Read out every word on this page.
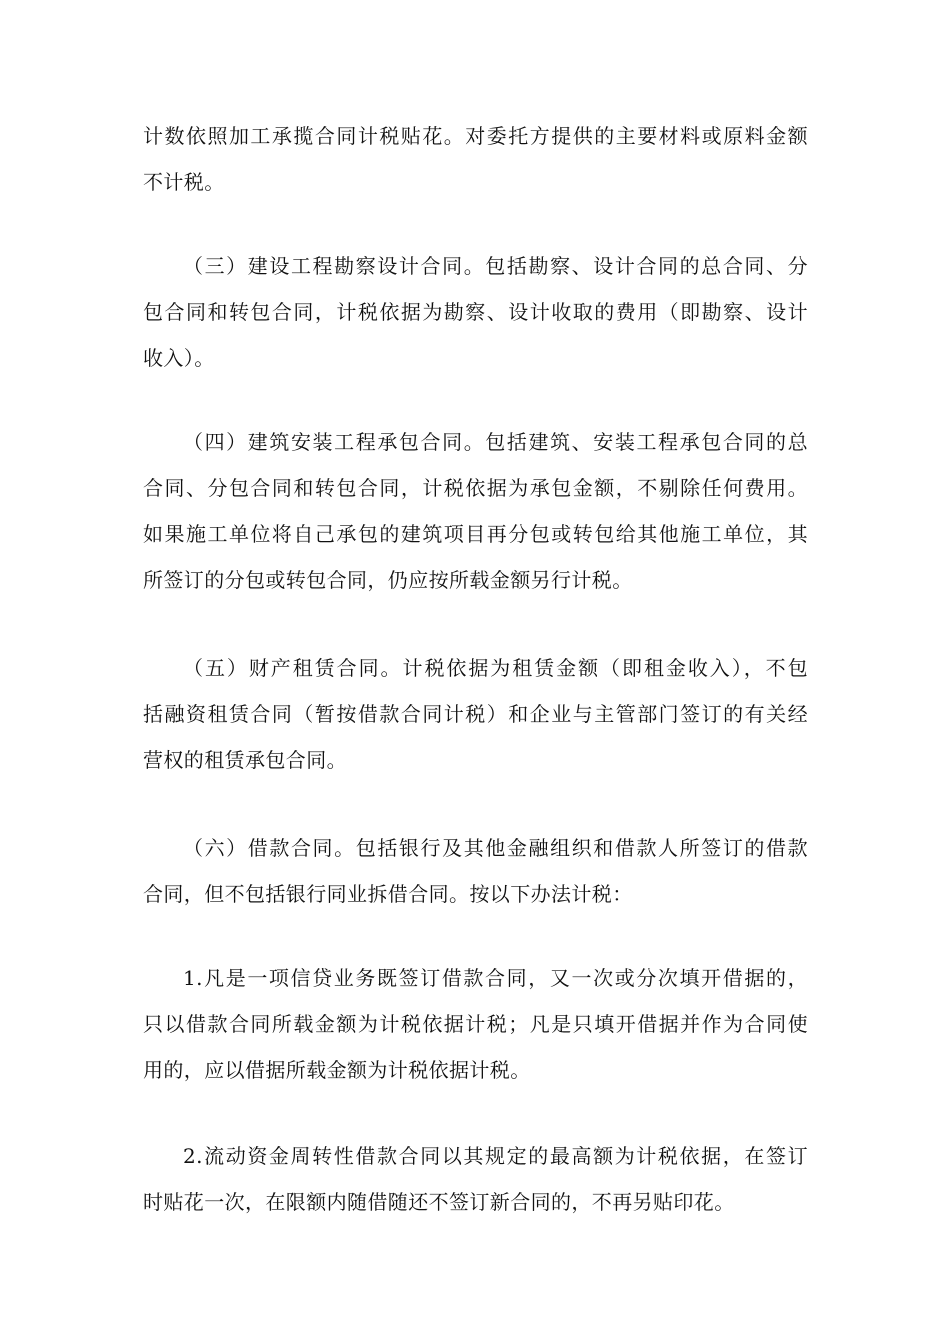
计数依照加工承揽合同计税贴花。对委托方提供的主要材料或原料金额
不计税。
（三）建设工程勘察设计合同。包括勘察、设计合同的总合同、分
包合同和转包合同，计税依据为勘察、设计收取的费用（即勘察、设计
收入）。
（四）建筑安装工程承包合同。包括建筑、安装工程承包合同的总
合同、分包合同和转包合同，计税依据为承包金额，不剔除任何费用。
如果施工单位将自己承包的建筑项目再分包或转包给其他施工单位，其
所签订的分包或转包合同，仍应按所载金额另行计税。
（五）财产租赁合同。计税依据为租赁金额（即租金收入），不包
括融资租赁合同（暂按借款合同计税）和企业与主管部门签订的有关经
营权的租赁承包合同。
（六）借款合同。包括银行及其他金融组织和借款人所签订的借款
合同，但不包括银行同业拆借合同。按以下办法计税：
1.凡是一项信贷业务既签订借款合同，又一次或分次填开借据的，
只以借款合同所载金额为计税依据计税；凡是只填开借据并作为合同使
用的，应以借据所载金额为计税依据计税。
2.流动资金周转性借款合同以其规定的最高额为计税依据，在签订
时贴花一次，在限额内随借随还不签订新合同的，不再另贴印花。
